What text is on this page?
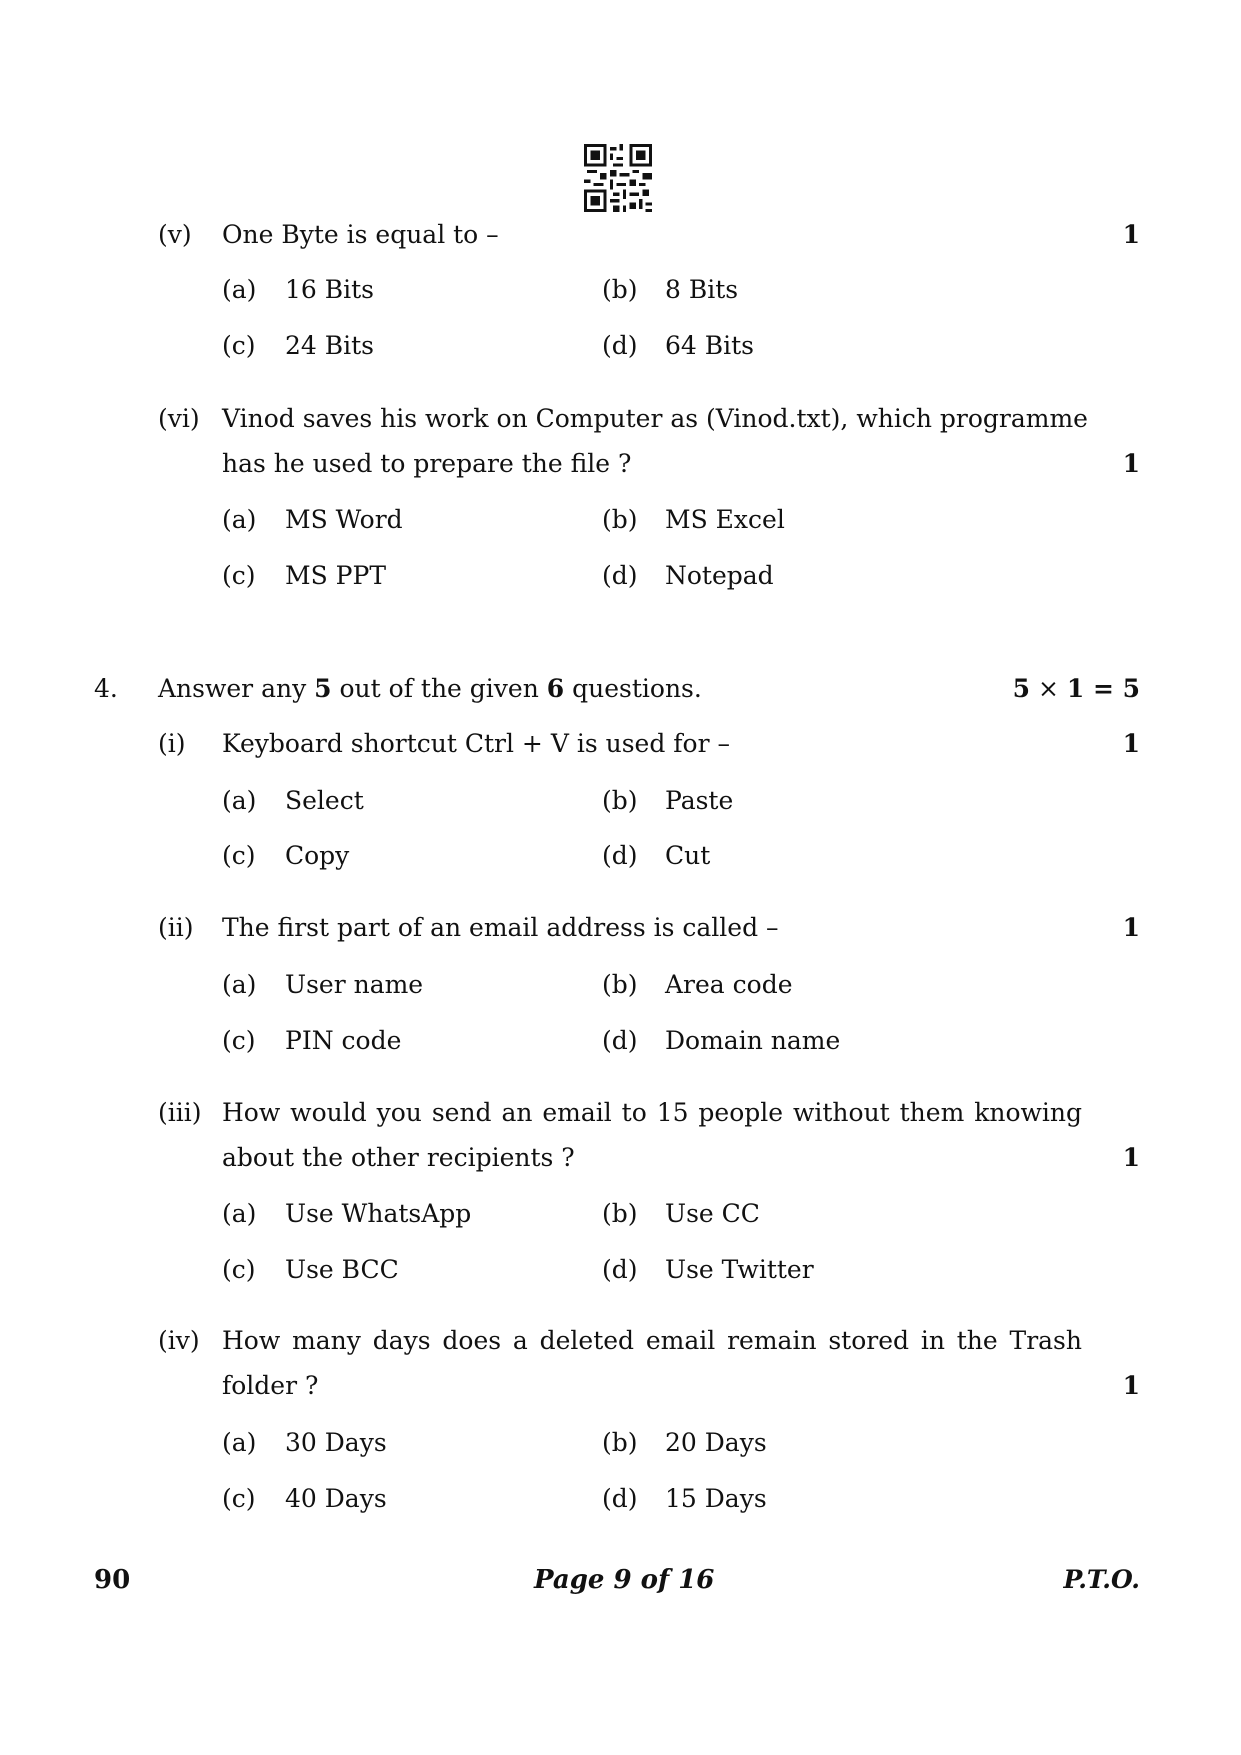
(v) One Byte is equal to –	1
(a) 16 Bits	(b) 8 Bits
(c) 24 Bits	(d) 64 Bits
(vi) Vinod saves his work on Computer as (Vinod.txt), which programme
has he used to prepare the file ?	1
(a) MS Word	(b) MS Excel
(c) MS PPT	(d) Notepad
4. Answer any 5 out of the given 6 questions.	5 × 1 = 5
(i) Keyboard shortcut Ctrl + V is used for –	1
(a) Select	(b) Paste
(c) Copy	(d) Cut
(ii) The first part of an email address is called –	1
(a) User name	(b) Area code
(c) PIN code	(d) Domain name
(iii) How would you send an email to 15 people without them knowing
about the other recipients ?	1
(a) Use WhatsApp	(b) Use CC
(c) Use BCC	(d) Use Twitter
(iv) How many days does a deleted email remain stored in the Trash
folder ?	1
(a) 30 Days	(b) 20 Days
(c) 40 Days	(d) 15 Days
90	Page 9 of 16	P.T.O.
